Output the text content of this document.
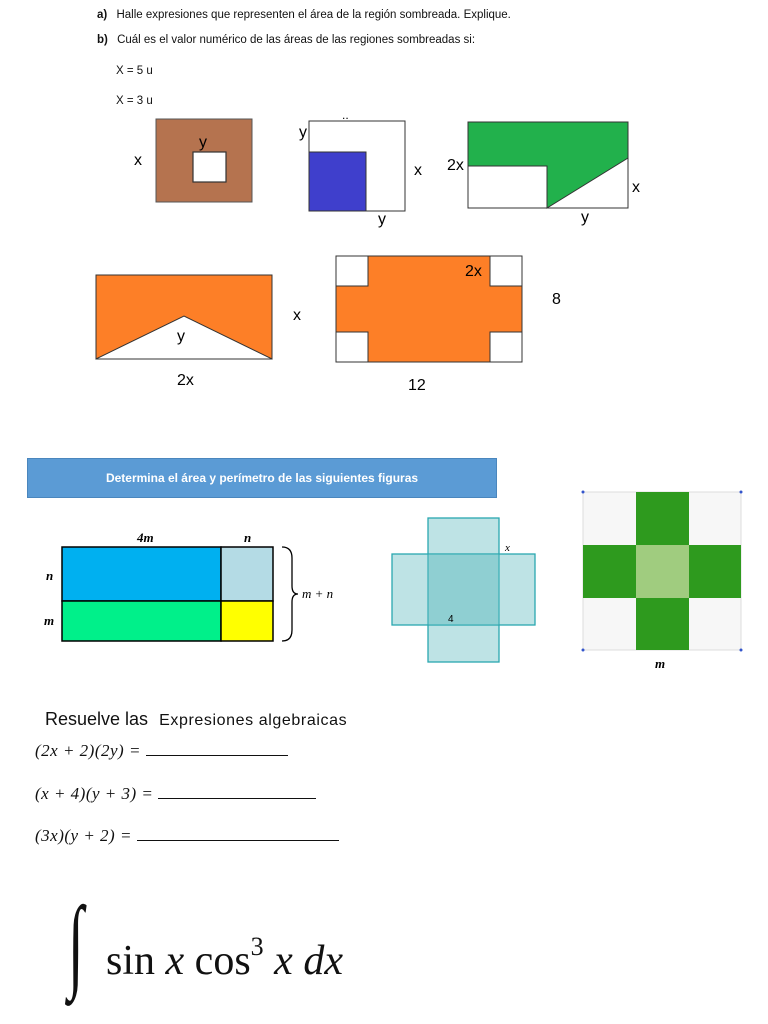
a) Halle expresiones que representen el área de la región sombreada. Explique.
b) Cuál es el valor numérico de las áreas de las regiones sombreadas si:
X = 5 u
X = 3 u
y
x
y
..
x
y
2x
x
y
y
2x
x
2x
8
12
Determina el área y perímetro de las siguientes figuras
4m	n
n
m
m + n
x
4
m
Resuelve las Expresiones algebraicas
(2x + 2)(2y) =
(x + 4)(y + 3) =
(3x)(y + 2) =
∫ sin x $\cos^3 x$ dx
